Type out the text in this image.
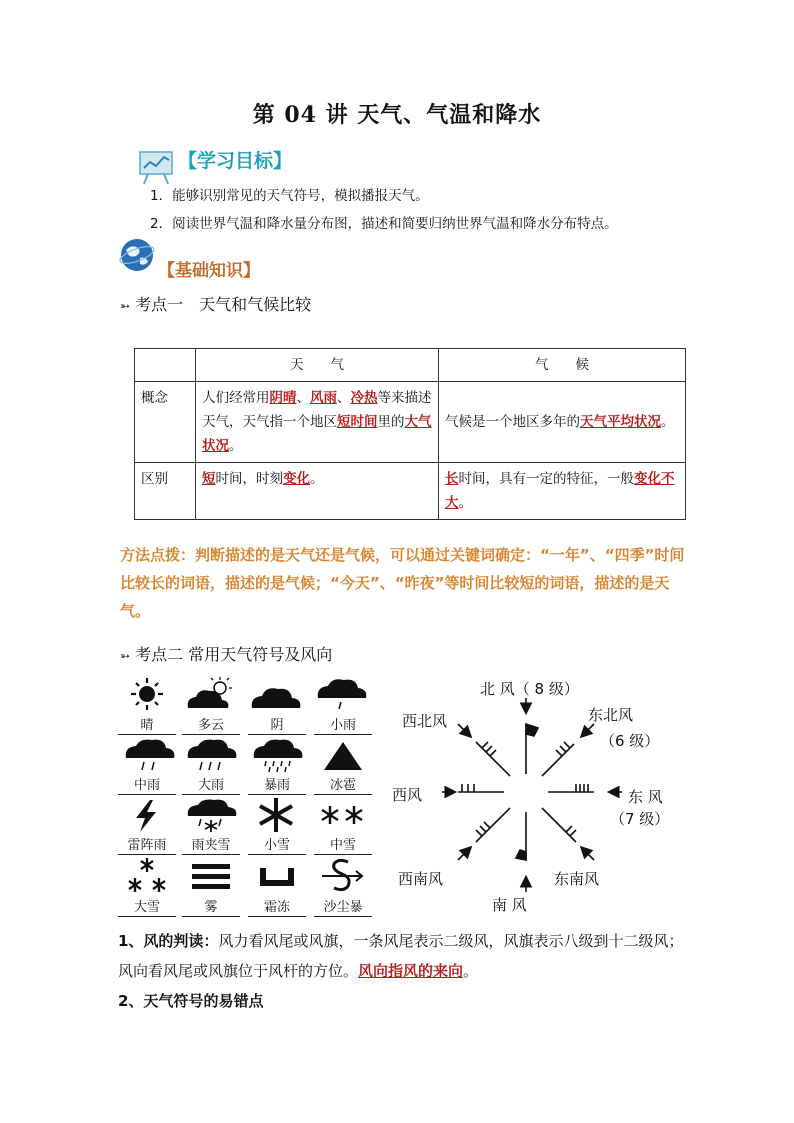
第 04 讲 天气、气温和降水
【学习目标】
1．能够识别常见的天气符号，模拟播报天气。
2．阅读世界气温和降水量分布图，描述和简要归纳世界气温和降水分布特点。
【基础知识】
➳ 考点一　天气和气候比较
	天　　气	气　　候
概念	人们经常用阴晴、风雨、冷热等来描述天气，天气指一个地区短时间里的大气状况。	气候是一个地区多年的天气平均状况。
区别	短时间，时刻变化。	长时间，具有一定的特征，一般变化不大。
方法点拨：判断描述的是天气还是气候，可以通过关键词确定：“一年”、“四季”时间比较长的词语，描述的是气候；“今天”、“昨夜”等时间比较短的词语，描述的是天气。
➳ 考点二 常用天气符号及风向
晴	多云	阴	小雨
中雨	大雨	暴雨	冰雹
雷阵雨	雨夹雪	小雪	中雪
大雪	雾	霜冻	沙尘暴
北 风（ 8 级）
西北风	东北风
（6 级）
西风	东 风
（7 级）
西南风	东南风
南 风
1、风的判读：风力看风尾或风旗，一条风尾表示二级风，风旗表示八级到十二级风；风向看风尾或风旗位于风杆的方位。风向指风的来向。
2、天气符号的易错点
